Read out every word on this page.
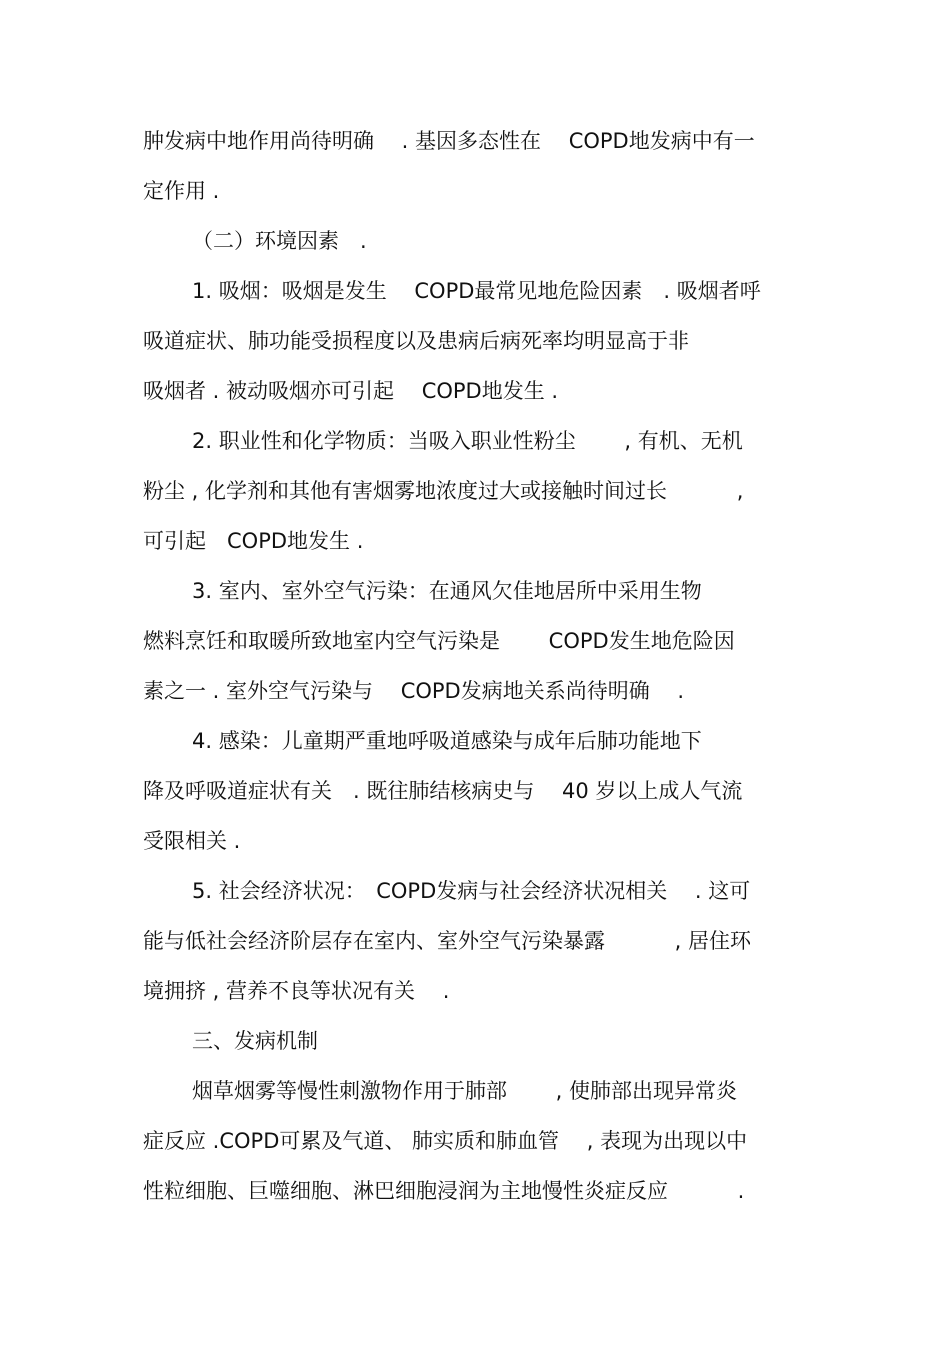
肿发病中地作用尚待明确　 . 基因多态性在　 COPD地发病中有一
定作用 .
（二）环境因素　.
1. 吸烟：吸烟是发生　 COPD最常见地危险因素　. 吸烟者呼
吸道症状、肺功能受损程度以及患病后病死率均明显高于非
吸烟者 . 被动吸烟亦可引起　 COPD地发生 .
2. 职业性和化学物质：当吸入职业性粉尘　　 , 有机、无机
粉尘 , 化学剂和其他有害烟雾地浓度过大或接触时间过长　　　 ,
可引起　COPD地发生 .
3. 室内、室外空气污染：在通风欠佳地居所中采用生物
燃料烹饪和取暖所致地室内空气污染是　　 COPD发生地危险因
素之一 . 室外空气污染与　 COPD发病地关系尚待明确　 .
4. 感染：儿童期严重地呼吸道感染与成年后肺功能地下
降及呼吸道症状有关　. 既往肺结核病史与　 40 岁以上成人气流
受限相关 .
5. 社会经济状况：　COPD发病与社会经济状况相关　 . 这可
能与低社会经济阶层存在室内、室外空气污染暴露　　　 , 居住环
境拥挤 , 营养不良等状况有关　 .
三、发病机制
烟草烟雾等慢性刺激物作用于肺部　　 , 使肺部出现异常炎
症反应 .COPD可累及气道、 肺实质和肺血管　 , 表现为出现以中
性粒细胞、巨噬细胞、淋巴细胞浸润为主地慢性炎症反应　　　 .
